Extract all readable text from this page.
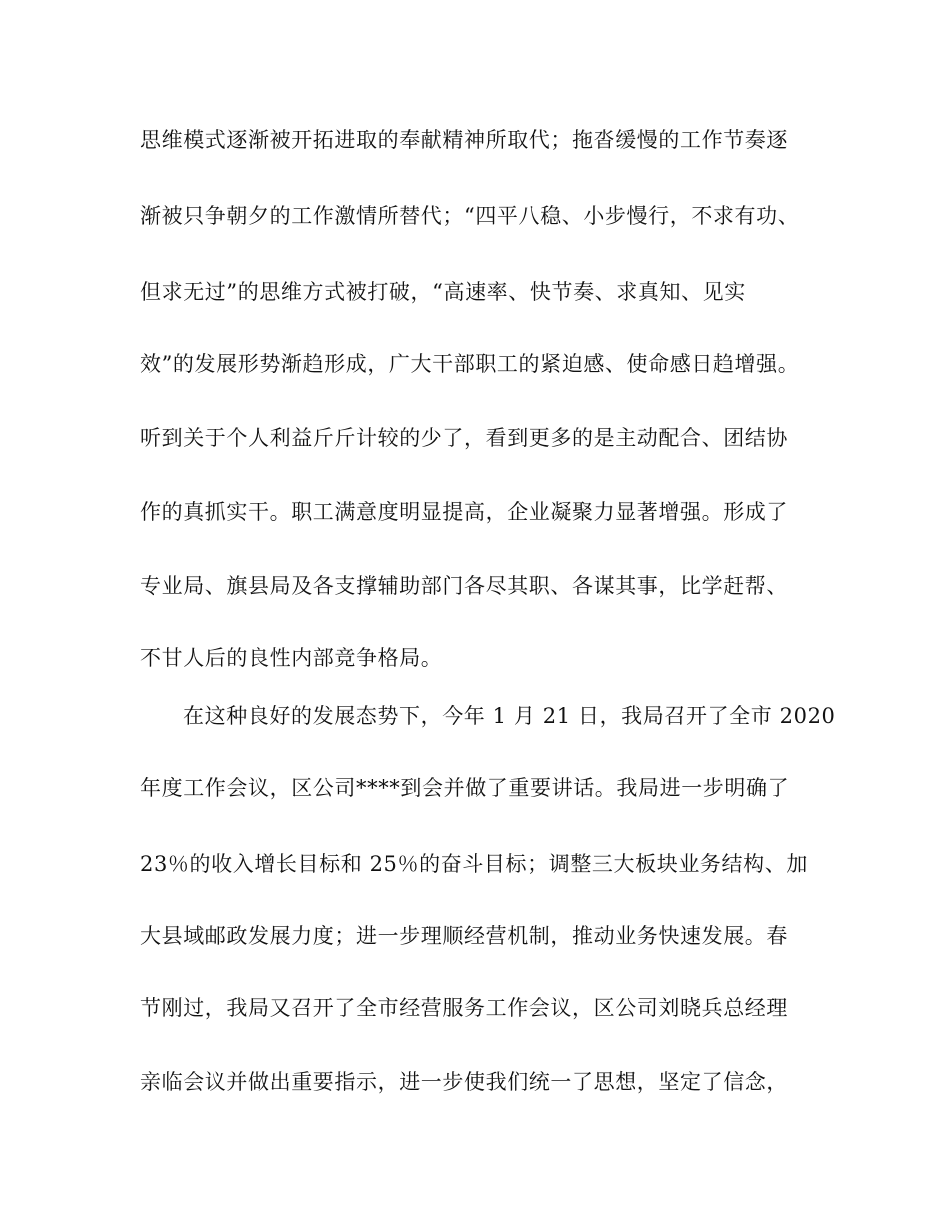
思维模式逐渐被开拓进取的奉献精神所取代；拖沓缓慢的工作节奏逐
渐被只争朝夕的工作激情所替代；“四平八稳、小步慢行，不求有功、
但求无过”的思维方式被打破，“高速率、快节奏、求真知、见实
效”的发展形势渐趋形成，广大干部职工的紧迫感、使命感日趋增强。
听到关于个人利益斤斤计较的少了，看到更多的是主动配合、团结协
作的真抓实干。职工满意度明显提高，企业凝聚力显著增强。形成了
专业局、旗县局及各支撑辅助部门各尽其职、各谋其事，比学赶帮、
不甘人后的良性内部竞争格局。
在这种良好的发展态势下，今年 1 月 21 日，我局召开了全市 2020
年度工作会议，区公司****到会并做了重要讲话。我局进一步明确了
23％的收入增长目标和 25％的奋斗目标；调整三大板块业务结构、加
大县域邮政发展力度；进一步理顺经营机制，推动业务快速发展。春
节刚过，我局又召开了全市经营服务工作会议，区公司刘晓兵总经理
亲临会议并做出重要指示，进一步使我们统一了思想，坚定了信念，
